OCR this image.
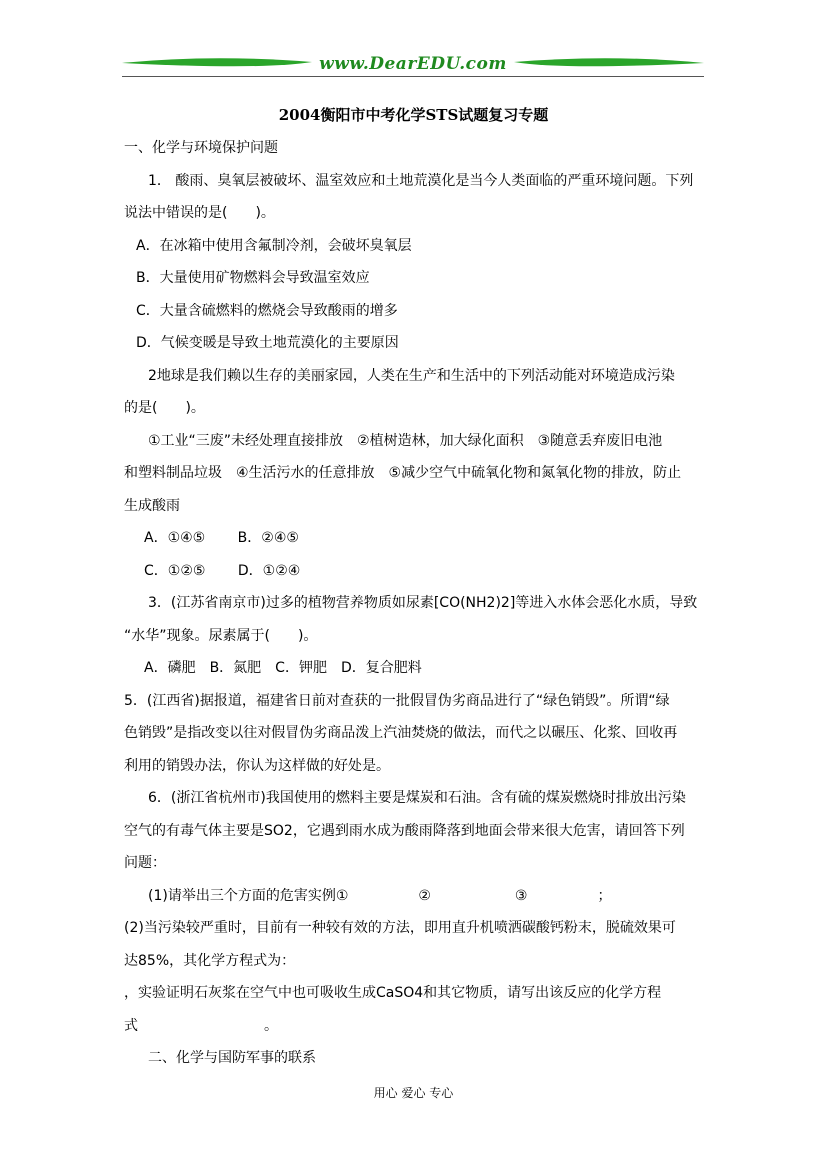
www.DearEDU.com
2004衡阳市中考化学STS试题复习专题
一、化学与环境保护问题
1． 酸雨、臭氧层被破坏、温室效应和土地荒漠化是当今人类面临的严重环境问题。下列
说法中错误的是(　　)。
A．在冰箱中使用含氟制冷剂，会破坏臭氧层
B．大量使用矿物燃料会导致温室效应
C．大量含硫燃料的燃烧会导致酸雨的增多
D．气候变暖是导致土地荒漠化的主要原因
2地球是我们赖以生存的美丽家园，人类在生产和生活中的下列活动能对环境造成污染
的是(　　)。
①工业“三废”未经处理直接排放　②植树造林，加大绿化面积　③随意丢弃废旧电池
和塑料制品垃圾　④生活污水的任意排放　⑤减少空气中硫氧化物和氮氧化物的排放，防止
生成酸雨
A．①④⑤　　 B．②④⑤
C．①②⑤　　 D．①②④
3．(江苏省南京市)过多的植物营养物质如尿素[CO(NH2)2]等进入水体会恶化水质，导致
“水华”现象。尿素属于(　　)。
A．磷肥　B．氮肥　C．钾肥　D．复合肥料
5．(江西省)据报道，福建省日前对查获的一批假冒伪劣商品进行了“绿色销毁”。所谓“绿
色销毁”是指改变以往对假冒伪劣商品泼上汽油焚烧的做法，而代之以碾压、化浆、回收再
利用的销毁办法，你认为这样做的好处是。
6．(浙江省杭州市)我国使用的燃料主要是煤炭和石油。含有硫的煤炭燃烧时排放出污染
空气的有毒气体主要是SO2，它遇到雨水成为酸雨降落到地面会带来很大危害，请回答下列
问题：
(1)请举出三个方面的危害实例①　　　　　②　　　　　　③　　　　　；
(2)当污染较严重时，目前有一种较有效的方法，即用直升机喷洒碳酸钙粉末，脱硫效果可
达85%，其化学方程式为：
，实验证明石灰浆在空气中也可吸收生成CaSO4和其它物质，请写出该反应的化学方程
式　　　　　　　　　。
二、化学与国防军事的联系
用心 爱心 专心
